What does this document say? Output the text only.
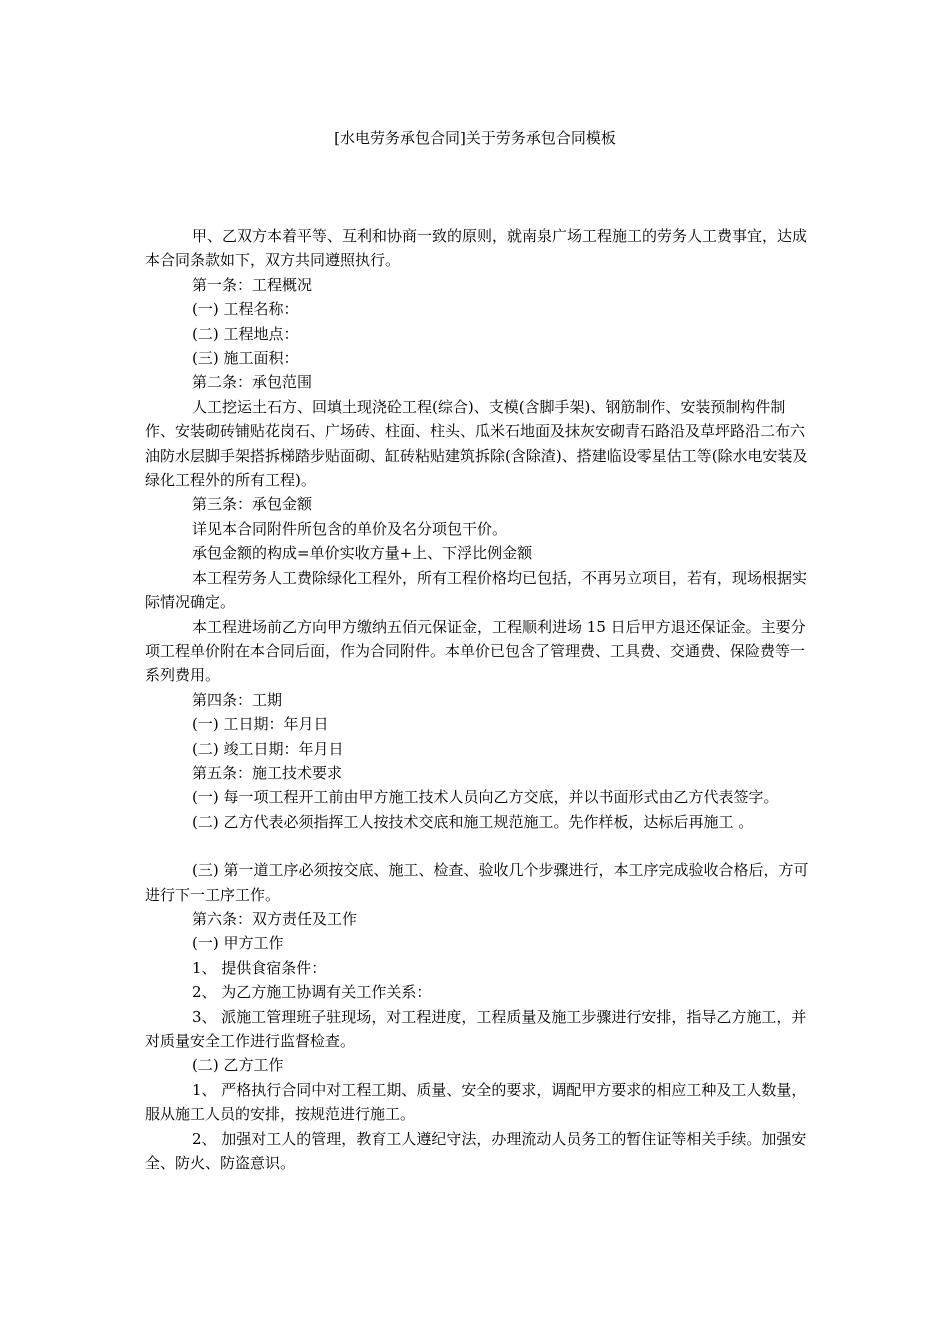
[水电劳务承包合同]关于劳务承包合同模板

甲、乙双方本着平等、互利和协商一致的原则，就南泉广场工程施工的劳务人工费事宜，达成本合同条款如下，双方共同遵照执行。

第一条：工程概况

(一) 工程名称：

(二) 工程地点：

(三) 施工面积：

第二条：承包范围

人工挖运土石方、回填土现浇砼工程(综合)、支模(含脚手架)、钢筋制作、安装预制构件制作、安装砌砖铺贴花岗石、广场砖、柱面、柱头、瓜米石地面及抹灰安砌青石路沿及草坪路沿二布六油防水层脚手架搭拆梯踏步贴面砌、缸砖粘贴建筑拆除(含除渣)、搭建临设零星估工等(除水电安装及绿化工程外的所有工程)。

第三条：承包金额

详见本合同附件所包含的单价及名分项包干价。

承包金额的构成=单价实收方量+上、下浮比例金额

本工程劳务人工费除绿化工程外，所有工程价格均已包括，不再另立项目，若有，现场根据实际情况确定。

本工程进场前乙方向甲方缴纳五佰元保证金，工程顺利进场 15 日后甲方退还保证金。主要分项工程单价附在本合同后面，作为合同附件。本单价已包含了管理费、工具费、交通费、保险费等一系列费用。

第四条：工期

(一) 工日期：年月日

(二) 竣工日期：年月日

第五条：施工技术要求

(一) 每一项工程开工前由甲方施工技术人员向乙方交底，并以书面形式由乙方代表签字。

(二) 乙方代表必须指挥工人按技术交底和施工规范施工。先作样板，达标后再施工 。

(三) 第一道工序必须按交底、施工、检查、验收几个步骤进行，本工序完成验收合格后，方可进行下一工序工作。

第六条：双方责任及工作

(一) 甲方工作

1、 提供食宿条件：

2、 为乙方施工协调有关工作关系：

3、 派施工管理班子驻现场，对工程进度，工程质量及施工步骤进行安排，指导乙方施工，并对质量安全工作进行监督检查。

(二) 乙方工作

1、 严格执行合同中对工程工期、质量、安全的要求，调配甲方要求的相应工种及工人数量，服从施工人员的安排，按规范进行施工。

2、 加强对工人的管理，教育工人遵纪守法，办理流动人员务工的暂住证等相关手续。加强安全、防火、防盗意识。
